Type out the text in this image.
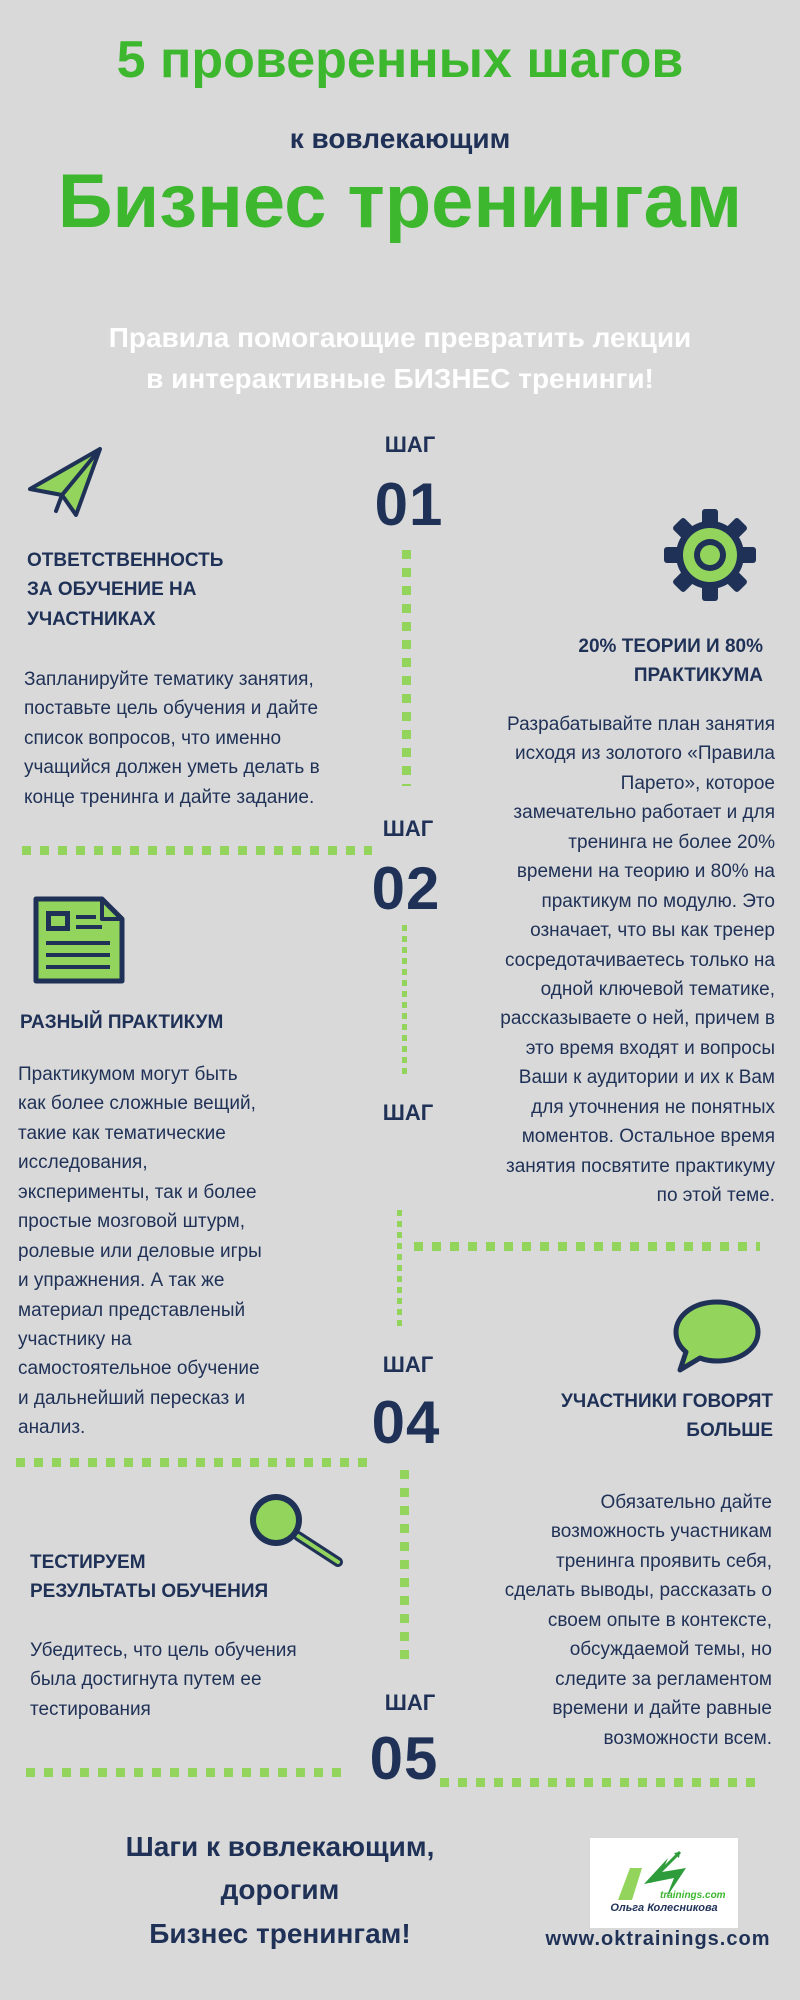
5 проверенных шагов
к вовлекающим
Бизнес тренингам
Правила помогающие превратить лекции
в интерактивные БИЗНЕС тренинги!
ШАГ
01
ОТВЕТСТВЕННОСТЬ
ЗА ОБУЧЕНИЕ НА
УЧАСТНИКАХ
Запланируйте тематику занятия,
поставьте цель обучения и дайте
список вопросов, что именно
учащийся должен уметь делать в
конце тренинга и дайте задание.
20% ТЕОРИИ И 80%
ПРАКТИКУМА
Разрабатывайте план занятия
исходя из золотого «Правила
Парето», которое
замечательно работает и для
тренинга не более 20%
времени на теорию и 80% на
практикум по модулю. Это
означает, что вы как тренер
сосредотачиваетесь только на
одной ключевой тематике,
рассказываете о ней, причем в
это время входят и вопросы
Ваши к аудитории и их к Вам
для уточнения не понятных
моментов. Остальное время
занятия посвятите практикуму
по этой теме.
ШАГ
02
РАЗНЫЙ ПРАКТИКУМ
Практикумом могут быть
как более сложные вещий,
такие как тематические
исследования,
эксперименты, так и более
простые мозговой штурм,
ролевые или деловые игры
и упражнения. А так же
материал представленый
участнику на
самостоятельное обучение
и дальнейший пересказ и
анализ.
ШАГ
ШАГ
04	УЧАСТНИКИ ГОВОРЯТ
БОЛЬШЕ
Обязательно дайте
возможность участникам
тренинга проявить себя,
сделать выводы, рассказать о
своем опыте в контексте,
обсуждаемой темы, но
следите за регламентом
времени и дайте равные
возможности всем.
ТЕСТИРУЕМ
РЕЗУЛЬТАТЫ ОБУЧЕНИЯ
Убедитесь, что цель обучения
была достигнута путем ее
тестирования	ШАГ
05
Шаги к вовлекающим,
дорогим
Бизнес тренингам!
trainings.com
Ольга Колесникова
www.oktrainings.com
